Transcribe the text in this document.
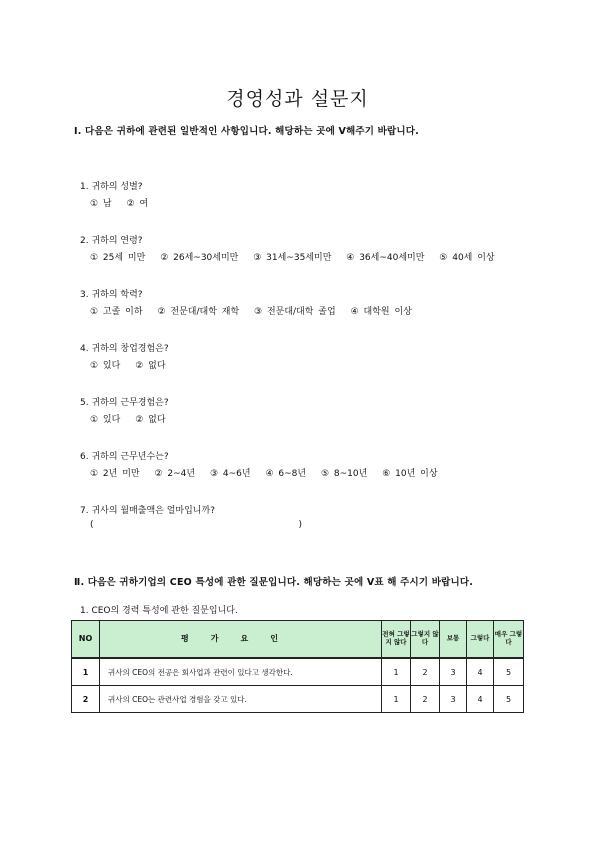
경영성과 설문지
Ⅰ. 다음은 귀하에 관련된 일반적인 사항입니다. 해당하는 곳에 V해주기 바랍니다.
1. 귀하의 성별?
① 남 ② 여
2. 귀하의 연령?
① 25세 미만 ② 26세~30세미만 ③ 31세~35세미만 ④ 36세~40세미만 ⑤ 40세 이상
3. 귀하의 학력?
① 고졸 이하 ② 전문대/대학 재학 ③ 전문대/대학 졸업 ④ 대학원 이상
4. 귀하의 창업경험은?
① 있다 ② 없다
5. 귀하의 근무경험은?
① 있다 ② 없다
6. 귀하의 근무년수는?
① 2년 미만 ② 2~4년 ③ 4~6년 ④ 6~8년 ⑤ 8~10년 ⑥ 10년 이상
7. 귀사의 월매출액은 얼마입니까?
(	)
Ⅱ. 다음은 귀하기업의 CEO 특성에 관한 질문입니다. 해당하는 곳에 V표 해 주시기 바랍니다.
1. CEO의 경력 특성에 관한 질문입니다.
NO	평가요인	전혀 그렇지 않다	그렇지 않다	보통	그렇다	매우 그렇다
1	귀사의 CEO의 전공은 회사업과 관련이 있다고 생각한다.	1	2	3	4	5
2	귀사의 CEO는 관련사업 경험을 갖고 있다.	1	2	3	4	5
